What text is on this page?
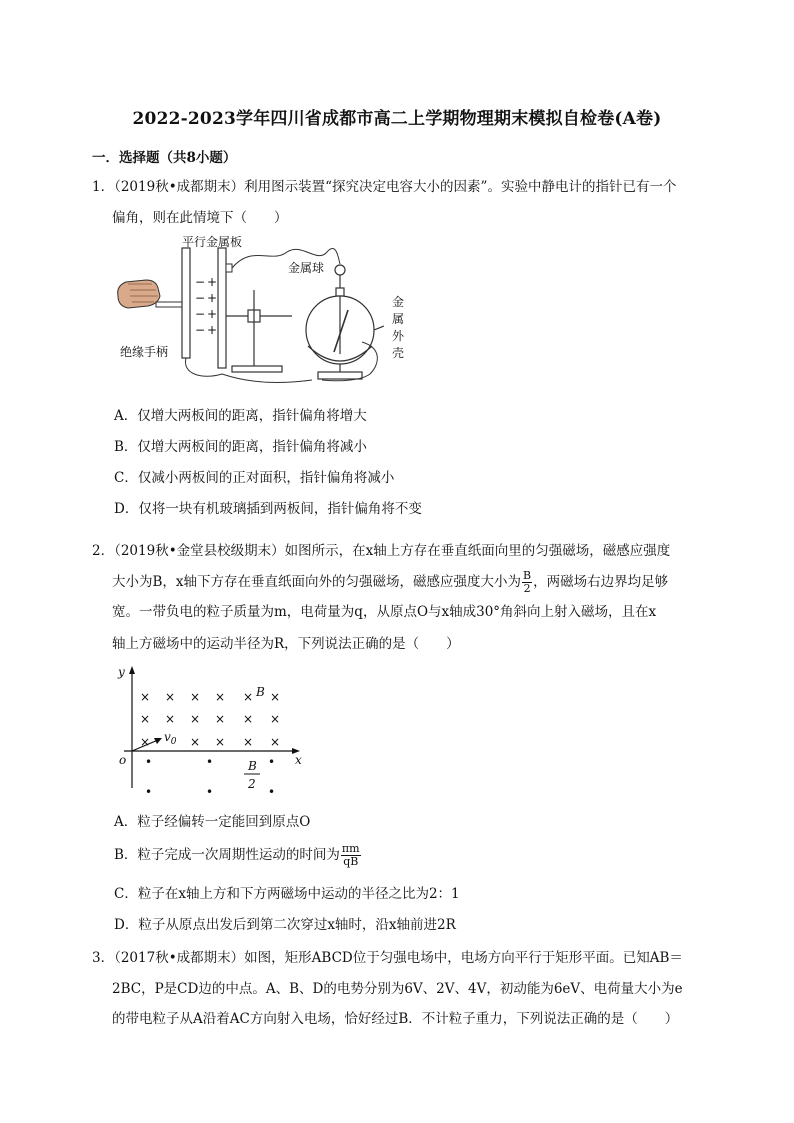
2022-2023学年四川省成都市高二上学期物理期末模拟自检卷(A卷)
一．选择题（共8小题）
1．（2019秋•成都期末）利用图示装置“探究决定电容大小的因素”。实验中静电计的指针已有一个
偏角，则在此情境下（　　）
− +
− +
− +
− +
平行金属板
金属球
金
属
外
壳
绝缘手柄
A．仅增大两板间的距离，指针偏角将增大
B．仅增大两板间的距离，指针偏角将减小
C．仅减小两板间的正对面积，指针偏角将减小
D．仅将一块有机玻璃插到两板间，指针偏角将不变
2．（2019秋•金堂县校级期末）如图所示，在x轴上方存在垂直纸面向里的匀强磁场，磁感应强度
大小为B，x轴下方存在垂直纸面向外的匀强磁场，磁感应强度大小为 $\frac{B}{2}$ ，两磁场右边界均足够
宽。一带负电的粒子质量为m，电荷量为q，从原点O与x轴成30°角斜向上射入磁场，且在x
轴上方磁场中的运动半径为R，下列说法正确的是（　　）
y
x
o
× × × × × ×
× × × × × ×
×	× × × ×
B
$v_0$
•	•	•
•	•	•
B
2
A．粒子经偏转一定能回到原点O
B．粒子完成一次周期性运动的时间为 $\frac{\pi m}{qB}$
C．粒子在x轴上方和下方两磁场中运动的半径之比为2：1
D．粒子从原点出发后到第二次穿过x轴时，沿x轴前进2R
3．（2017秋•成都期末）如图，矩形ABCD位于匀强电场中，电场方向平行于矩形平面。已知AB＝
2BC，P是CD边的中点。A、B、D的电势分别为6V、2V、4V，初动能为6eV、电荷量大小为e
的带电粒子从A沿着AC方向射入电场，恰好经过B．不计粒子重力，下列说法正确的是（　　）
